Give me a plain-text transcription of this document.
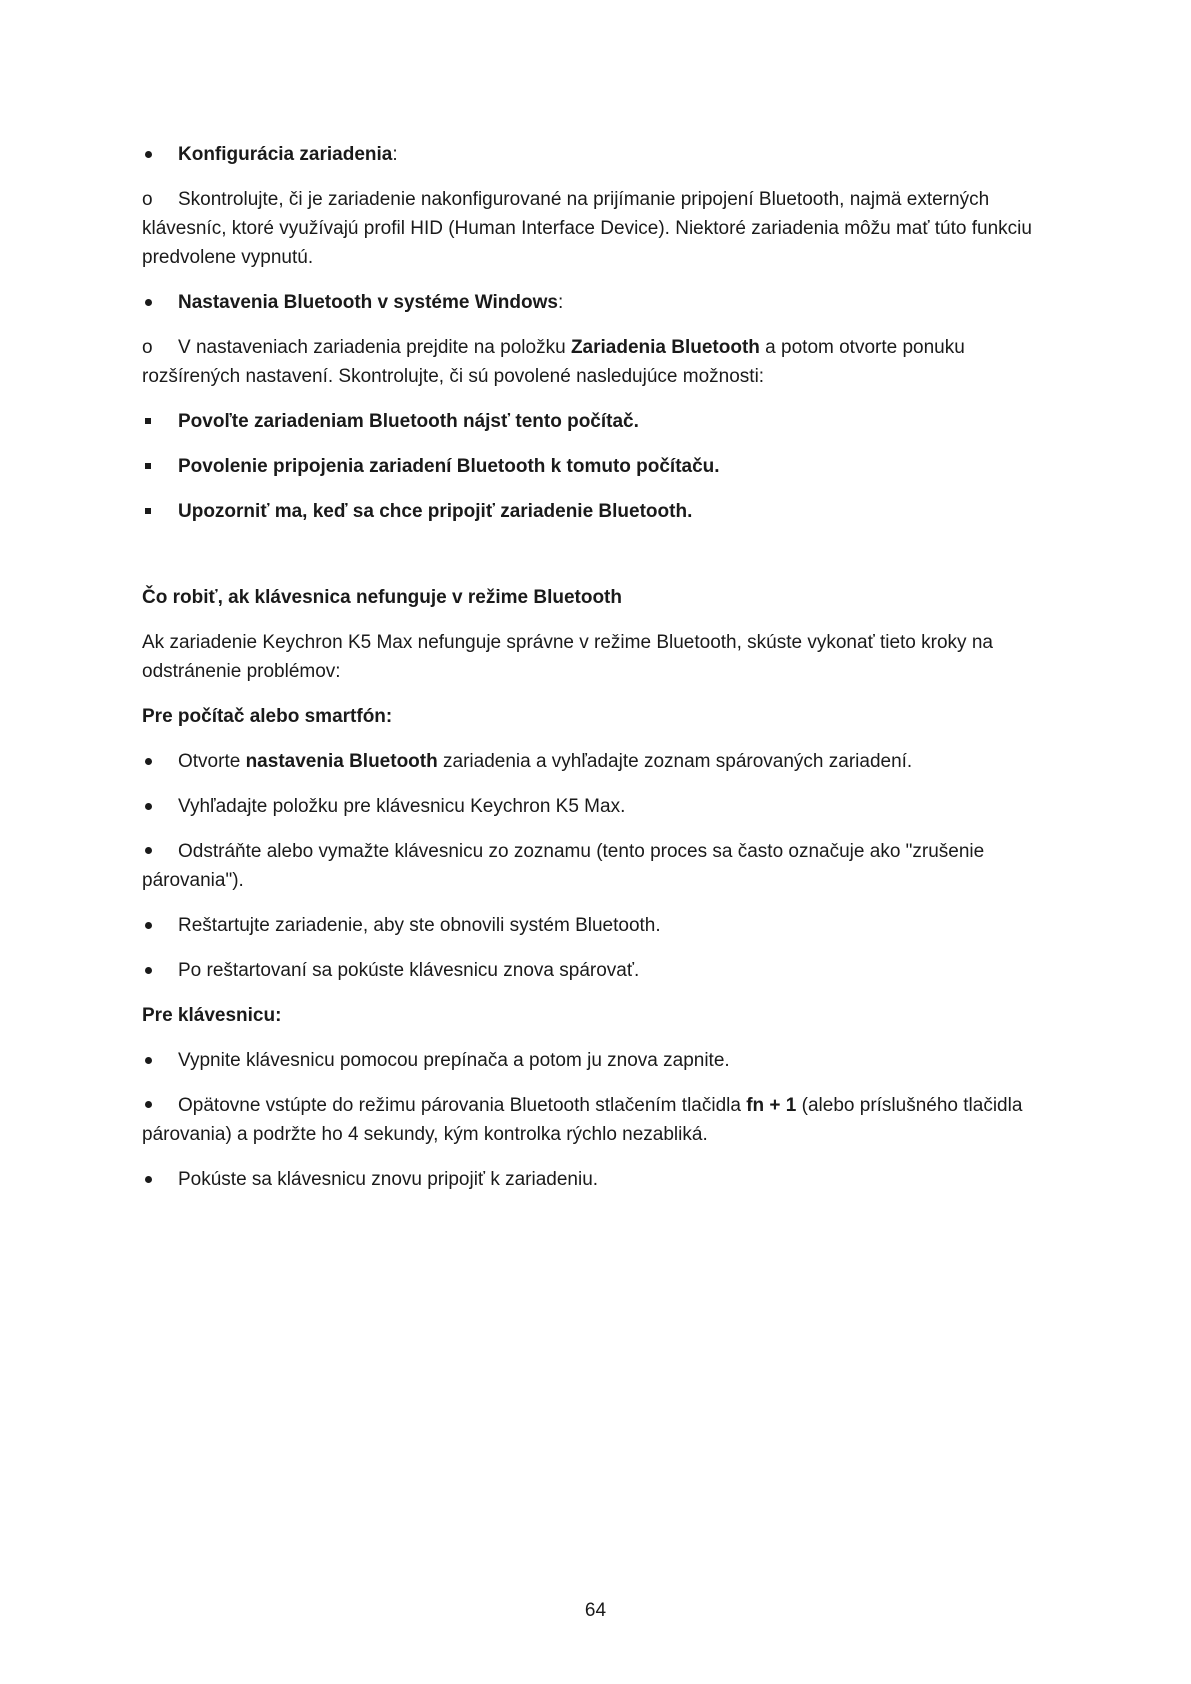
Konfigurácia zariadenia:

o Skontrolujte, či je zariadenie nakonfigurované na prijímanie pripojení Bluetooth, najmä externých klávesníc, ktoré využívajú profil HID (Human Interface Device). Niektoré zariadenia môžu mať túto funkciu predvolene vypnutú.

Nastavenia Bluetooth v systéme Windows:

o V nastaveniach zariadenia prejdite na položku Zariadenia Bluetooth a potom otvorte ponuku rozšírených nastavení. Skontrolujte, či sú povolené nasledujúce možnosti:

Povoľte zariadeniam Bluetooth nájsť tento počítač.

Povolenie pripojenia zariadení Bluetooth k tomuto počítaču.

Upozorniť ma, keď sa chce pripojiť zariadenie Bluetooth.

Čo robiť, ak klávesnica nefunguje v režime Bluetooth

Ak zariadenie Keychron K5 Max nefunguje správne v režime Bluetooth, skúste vykonať tieto kroky na odstránenie problémov:

Pre počítač alebo smartfón:

Otvorte nastavenia Bluetooth zariadenia a vyhľadajte zoznam spárovaných zariadení.

Vyhľadajte položku pre klávesnicu Keychron K5 Max.

Odstráňte alebo vymažte klávesnicu zo zoznamu (tento proces sa často označuje ako "zrušenie párovania").

Reštartujte zariadenie, aby ste obnovili systém Bluetooth.

Po reštartovaní sa pokúste klávesnicu znova spárovať.

Pre klávesnicu:

Vypnite klávesnicu pomocou prepínača a potom ju znova zapnite.

Opätovne vstúpte do režimu párovania Bluetooth stlačením tlačidla fn + 1 (alebo príslušného tlačidla párovania) a podržte ho 4 sekundy, kým kontrolka rýchlo nezabliká.

Pokúste sa klávesnicu znovu pripojiť k zariadeniu.

64
